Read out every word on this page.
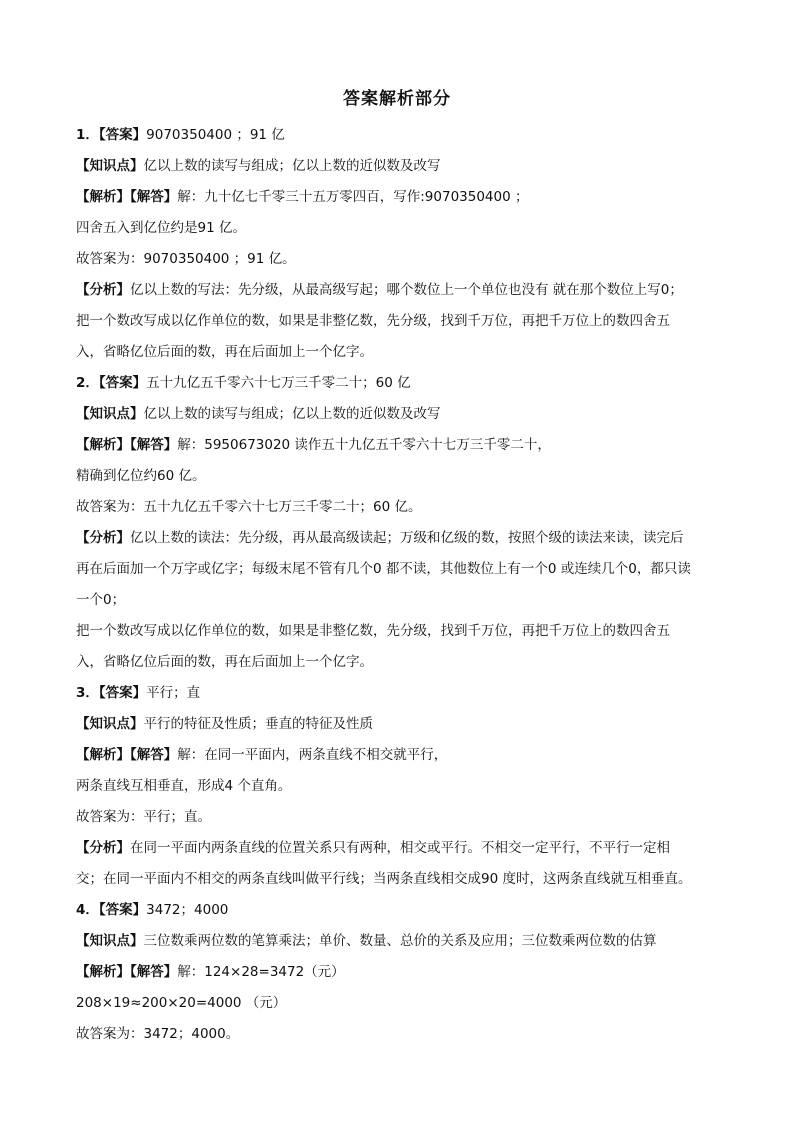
答案解析部分
1．【答案】9070350400 ；91 亿
【知识点】亿以上数的读写与组成；亿以上数的近似数及改写
【解析】【解答】解：九十亿七千零三十五万零四百，写作:9070350400 ；
四舍五入到亿位约是91 亿。
故答案为：9070350400 ；91 亿。
【分析】亿以上数的写法：先分级，从最高级写起；哪个数位上一个单位也没有 就在那个数位上写0；
把一个数改写成以亿作单位的数，如果是非整亿数，先分级，找到千万位，再把千万位上的数四舍五
入，省略亿位后面的数，再在后面加上一个亿字。
2．【答案】五十九亿五千零六十七万三千零二十；60 亿
【知识点】亿以上数的读写与组成；亿以上数的近似数及改写
【解析】【解答】解：5950673020 读作五十九亿五千零六十七万三千零二十，
精确到亿位约60 亿。
故答案为：五十九亿五千零六十七万三千零二十；60 亿。
【分析】亿以上数的读法：先分级，再从最高级读起；万级和亿级的数，按照个级的读法来读，读完后
再在后面加一个万字或亿字；每级末尾不管有几个0 都不读，其他数位上有一个0 或连续几个0，都只读
一个0；
把一个数改写成以亿作单位的数，如果是非整亿数，先分级，找到千万位，再把千万位上的数四舍五
入，省略亿位后面的数，再在后面加上一个亿字。
3．【答案】平行；直
【知识点】平行的特征及性质；垂直的特征及性质
【解析】【解答】解：在同一平面内，两条直线不相交就平行，
两条直线互相垂直，形成4 个直角。
故答案为：平行；直。
【分析】在同一平面内两条直线的位置关系只有两种，相交或平行。不相交一定平行，不平行一定相
交；在同一平面内不相交的两条直线叫做平行线；当两条直线相交成90 度时，这两条直线就互相垂直。
4．【答案】3472；4000
【知识点】三位数乘两位数的笔算乘法；单价、数量、总价的关系及应用；三位数乘两位数的估算
【解析】【解答】解：124×28=3472（元）
208×19≈200×20=4000 （元）
故答案为：3472；4000。
